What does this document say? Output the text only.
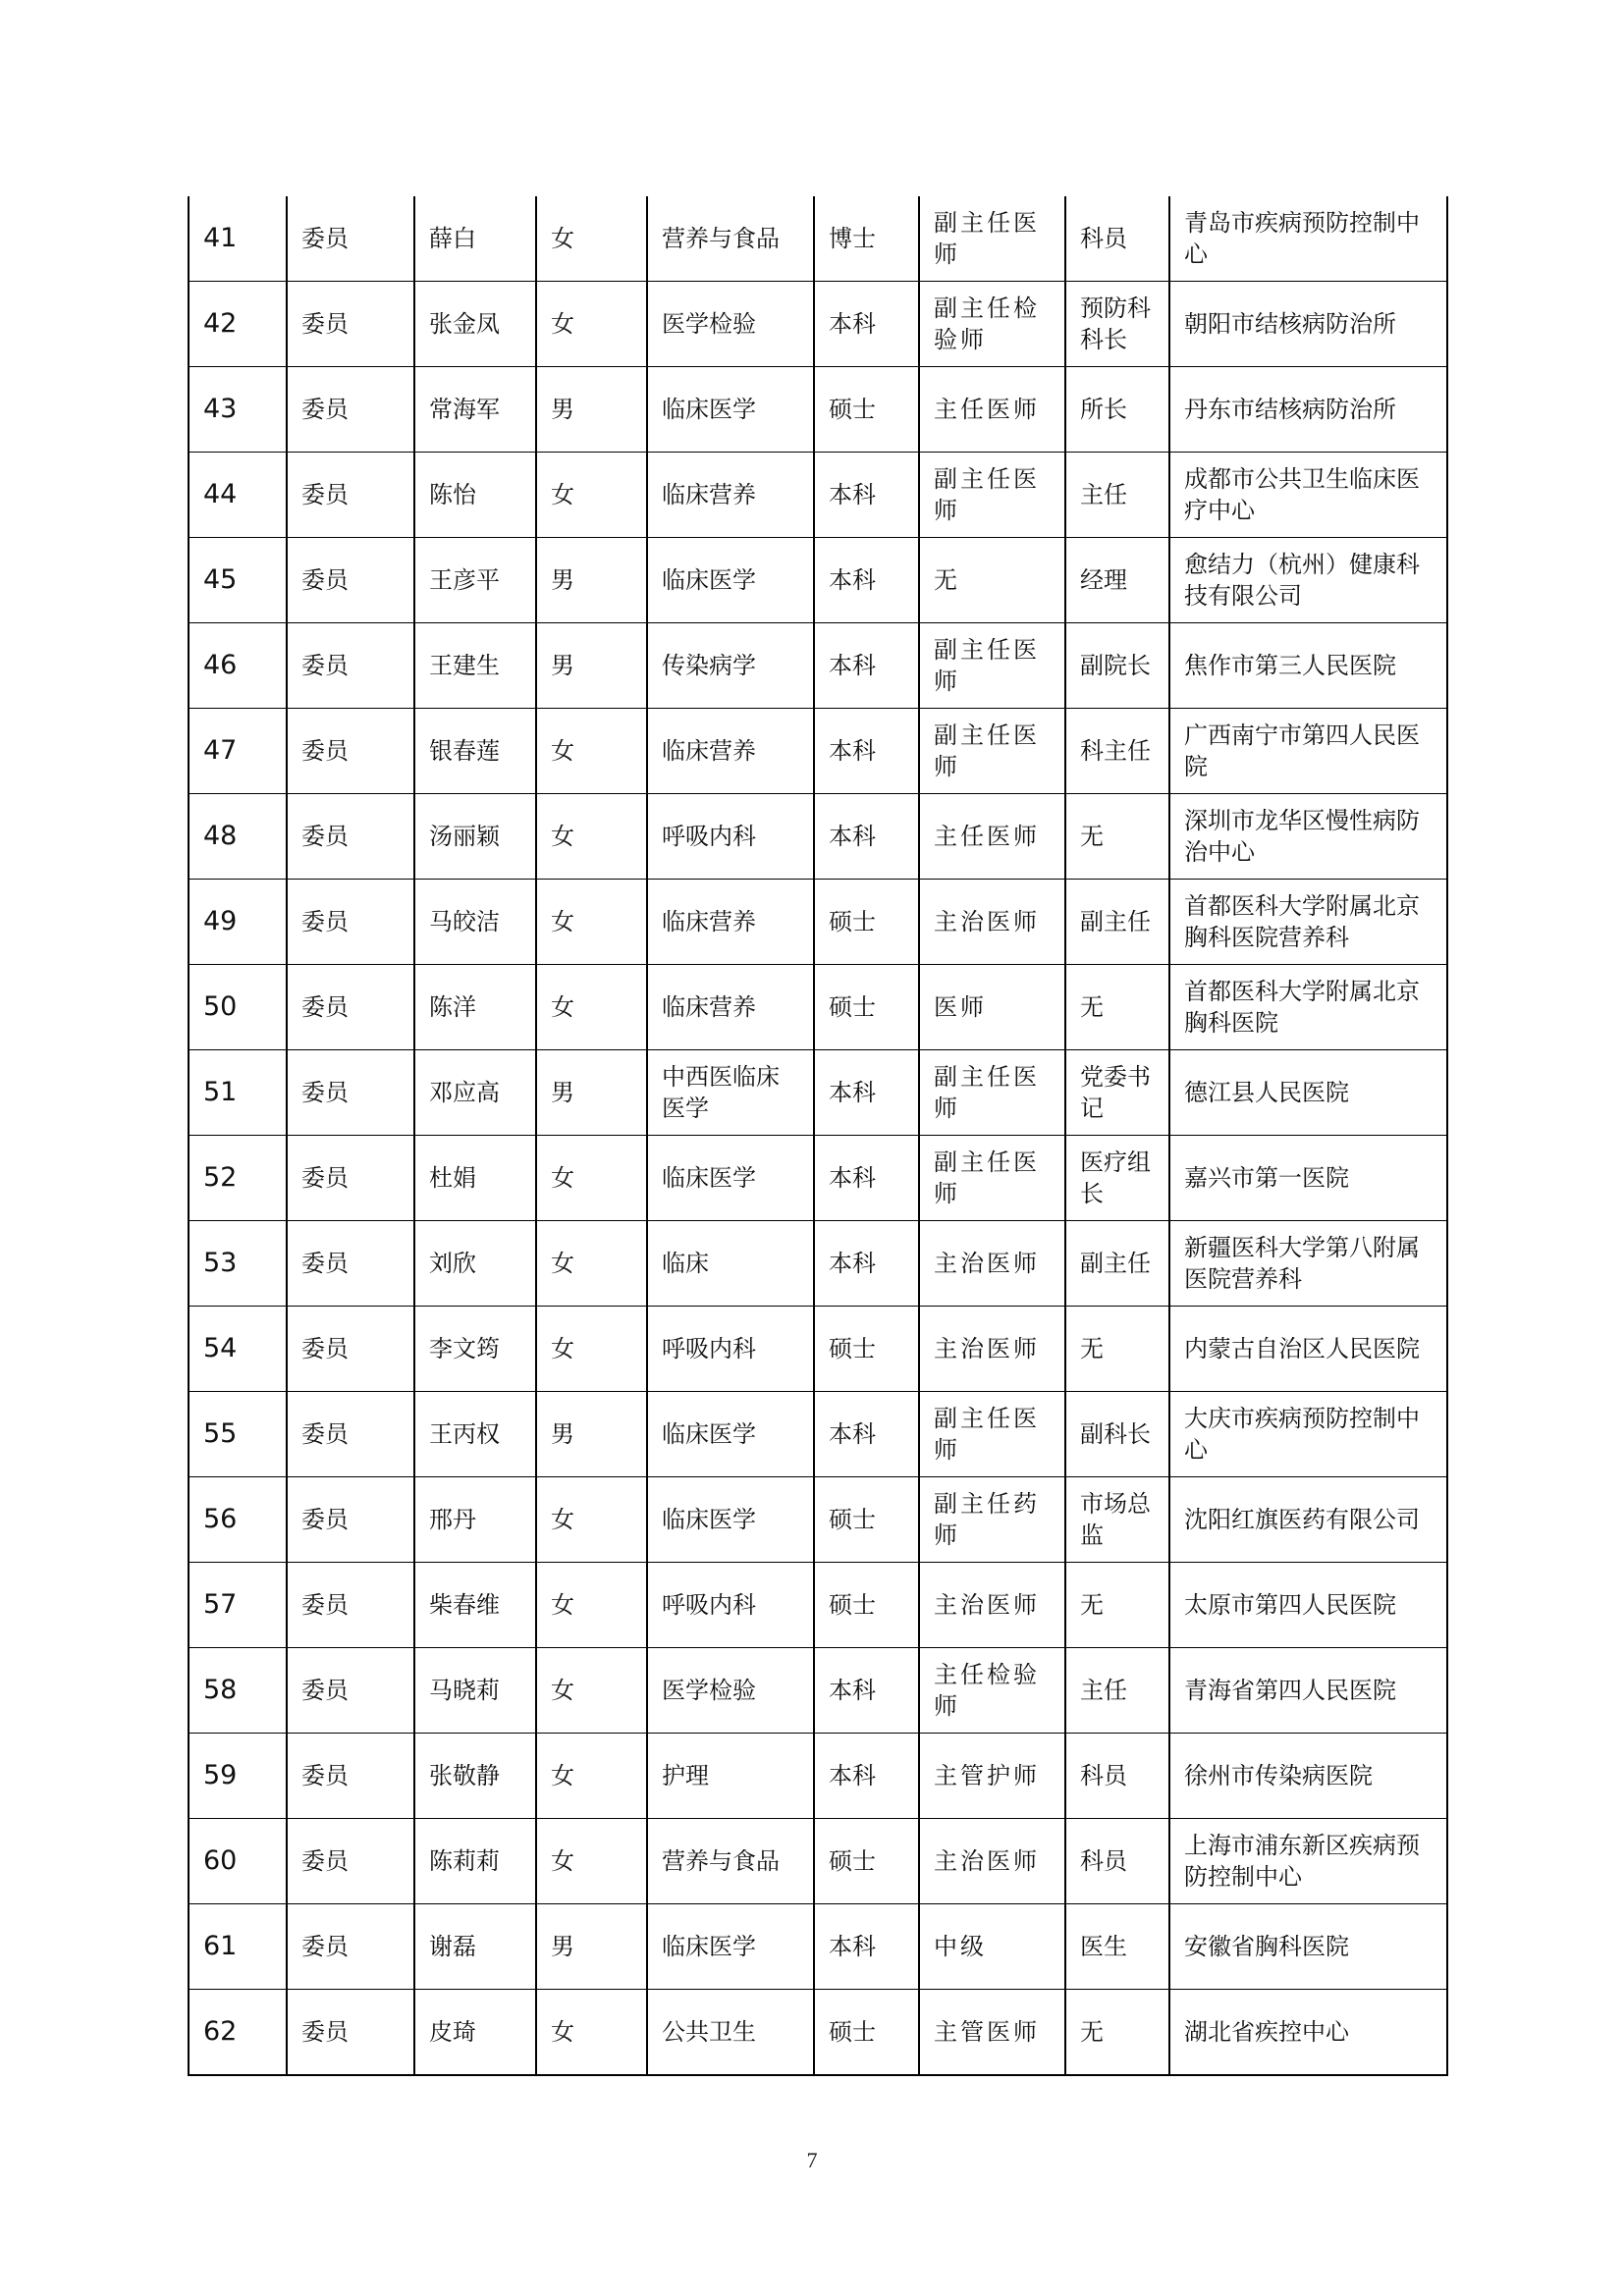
41	委员	薛白	女	营养与食品	博士	副主任医师	科员	青岛市疾病预防控制中心
42	委员	张金凤	女	医学检验	本科	副主任检验师	预防科科长	朝阳市结核病防治所
43	委员	常海军	男	临床医学	硕士	主任医师	所长	丹东市结核病防治所
44	委员	陈怡	女	临床营养	本科	副主任医师	主任	成都市公共卫生临床医疗中心
45	委员	王彦平	男	临床医学	本科	无	经理	愈结力（杭州）健康科技有限公司
46	委员	王建生	男	传染病学	本科	副主任医师	副院长	焦作市第三人民医院
47	委员	银春莲	女	临床营养	本科	副主任医师	科主任	广西南宁市第四人民医院
48	委员	汤丽颖	女	呼吸内科	本科	主任医师	无	深圳市龙华区慢性病防治中心
49	委员	马皎洁	女	临床营养	硕士	主治医师	副主任	首都医科大学附属北京胸科医院营养科
50	委员	陈洋	女	临床营养	硕士	医师	无	首都医科大学附属北京胸科医院
51	委员	邓应高	男	中西医临床医学	本科	副主任医师	党委书记	德江县人民医院
52	委员	杜娟	女	临床医学	本科	副主任医师	医疗组长	嘉兴市第一医院
53	委员	刘欣	女	临床	本科	主治医师	副主任	新疆医科大学第八附属医院营养科
54	委员	李文筠	女	呼吸内科	硕士	主治医师	无	内蒙古自治区人民医院
55	委员	王丙权	男	临床医学	本科	副主任医师	副科长	大庆市疾病预防控制中心
56	委员	邢丹	女	临床医学	硕士	副主任药师	市场总监	沈阳红旗医药有限公司
57	委员	柴春维	女	呼吸内科	硕士	主治医师	无	太原市第四人民医院
58	委员	马晓莉	女	医学检验	本科	主任检验师	主任	青海省第四人民医院
59	委员	张敬静	女	护理	本科	主管护师	科员	徐州市传染病医院
60	委员	陈莉莉	女	营养与食品	硕士	主治医师	科员	上海市浦东新区疾病预防控制中心
61	委员	谢磊	男	临床医学	本科	中级	医生	安徽省胸科医院
62	委员	皮琦	女	公共卫生	硕士	主管医师	无	湖北省疾控中心
7
